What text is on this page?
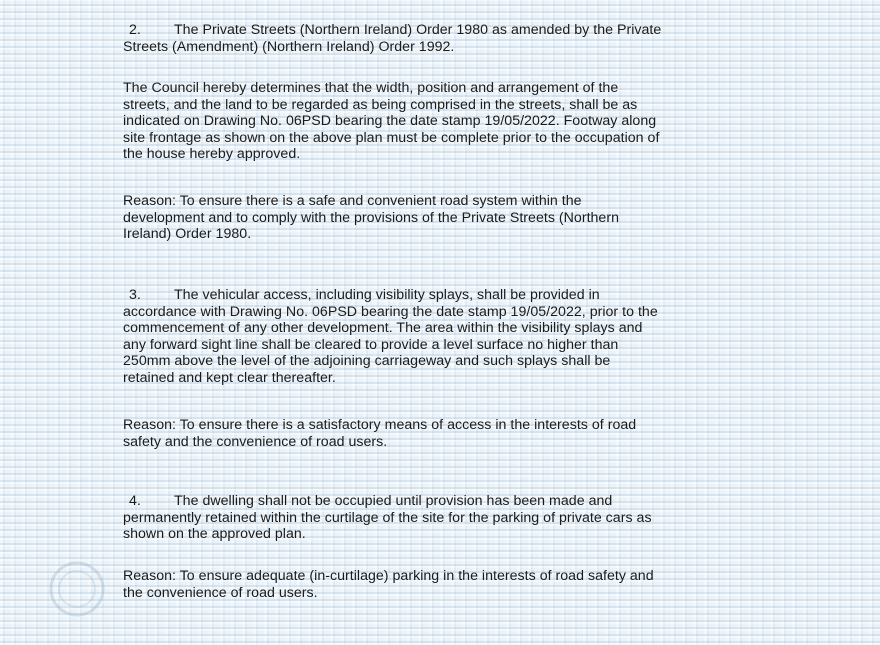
2. The Private Streets (Northern Ireland) Order 1980 as amended by the Private
Streets (Amendment) (Northern Ireland) Order 1992.
The Council hereby determines that the width, position and arrangement of the
streets, and the land to be regarded as being comprised in the streets, shall be as
indicated on Drawing No. 06PSD bearing the date stamp 19/05/2022. Footway along
site frontage as shown on the above plan must be complete prior to the occupation of
the house hereby approved.
Reason: To ensure there is a safe and convenient road system within the
development and to comply with the provisions of the Private Streets (Northern
Ireland) Order 1980.
3. The vehicular access, including visibility splays, shall be provided in
accordance with Drawing No. 06PSD bearing the date stamp 19/05/2022, prior to the
commencement of any other development. The area within the visibility splays and
any forward sight line shall be cleared to provide a level surface no higher than
250mm above the level of the adjoining carriageway and such splays shall be
retained and kept clear thereafter.
Reason: To ensure there is a satisfactory means of access in the interests of road
safety and the convenience of road users.
4. The dwelling shall not be occupied until provision has been made and
permanently retained within the curtilage of the site for the parking of private cars as
shown on the approved plan.
Reason: To ensure adequate (in-curtilage) parking in the interests of road safety and
the convenience of road users.
